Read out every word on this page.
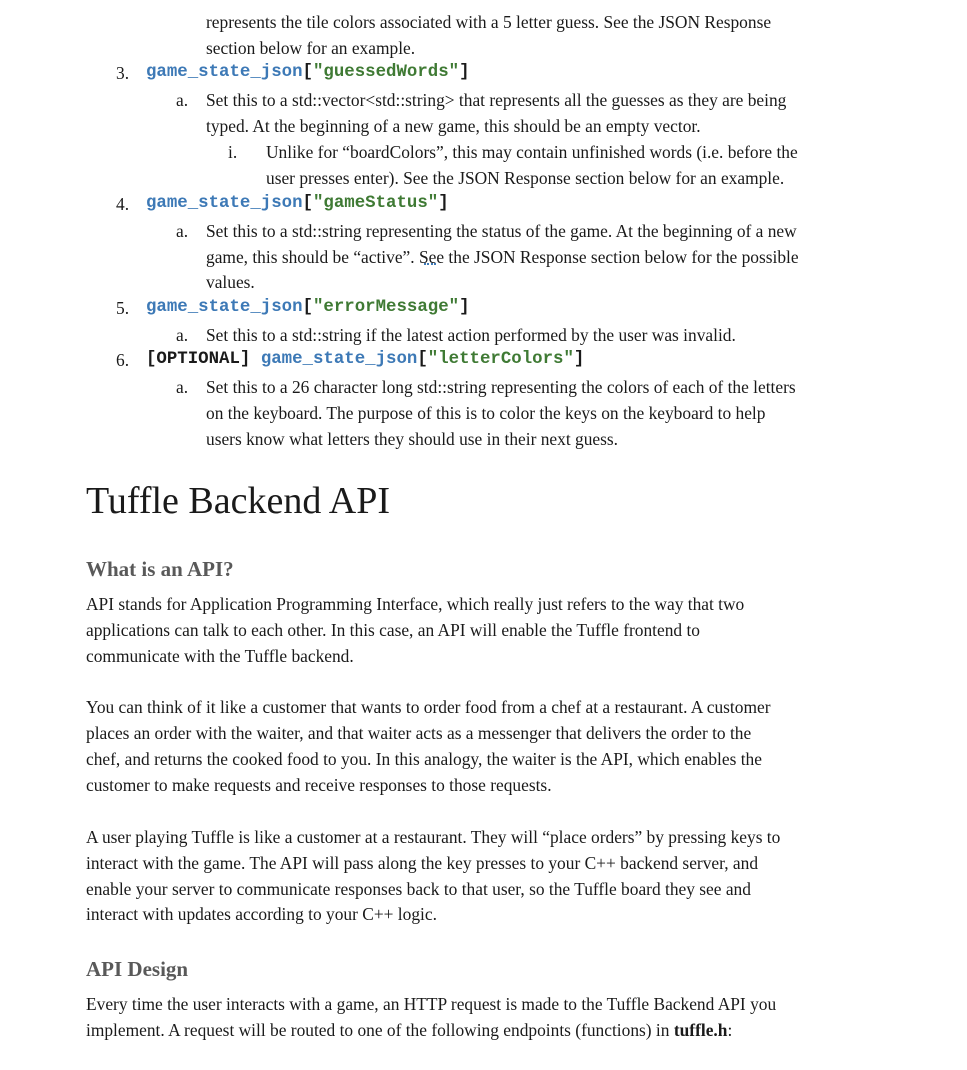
represents the tile colors associated with a 5 letter guess. See the JSON Response
section below for an example.
3. game_state_json["guessedWords"]
a. Set this to a std::vector<std::string> that represents all the guesses as they are being
typed. At the beginning of a new game, this should be an empty vector.
i. Unlike for “boardColors”, this may contain unfinished words (i.e. before the
user presses enter). See the JSON Response section below for an example.
4. game_state_json["gameStatus"]
a. Set this to a std::string representing the status of the game. At the beginning of a new
game, this should be “active”. See the JSON Response section below for the possible
values.
5. game_state_json["errorMessage"]
a. Set this to a std::string if the latest action performed by the user was invalid.
6. [OPTIONAL] game_state_json["letterColors"]
a. Set this to a 26 character long std::string representing the colors of each of the letters
on the keyboard. The purpose of this is to color the keys on the keyboard to help
users know what letters they should use in their next guess.
Tuffle Backend API
What is an API?
API stands for Application Programming Interface, which really just refers to the way that two
applications can talk to each other. In this case, an API will enable the Tuffle frontend to
communicate with the Tuffle backend.
You can think of it like a customer that wants to order food from a chef at a restaurant. A customer
places an order with the waiter, and that waiter acts as a messenger that delivers the order to the
chef, and returns the cooked food to you. In this analogy, the waiter is the API, which enables the
customer to make requests and receive responses to those requests.
A user playing Tuffle is like a customer at a restaurant. They will “place orders” by pressing keys to
interact with the game. The API will pass along the key presses to your C++ backend server, and
enable your server to communicate responses back to that user, so the Tuffle board they see and
interact with updates according to your C++ logic.
API Design
Every time the user interacts with a game, an HTTP request is made to the Tuffle Backend API you
implement. A request will be routed to one of the following endpoints (functions) in tuffle.h:
